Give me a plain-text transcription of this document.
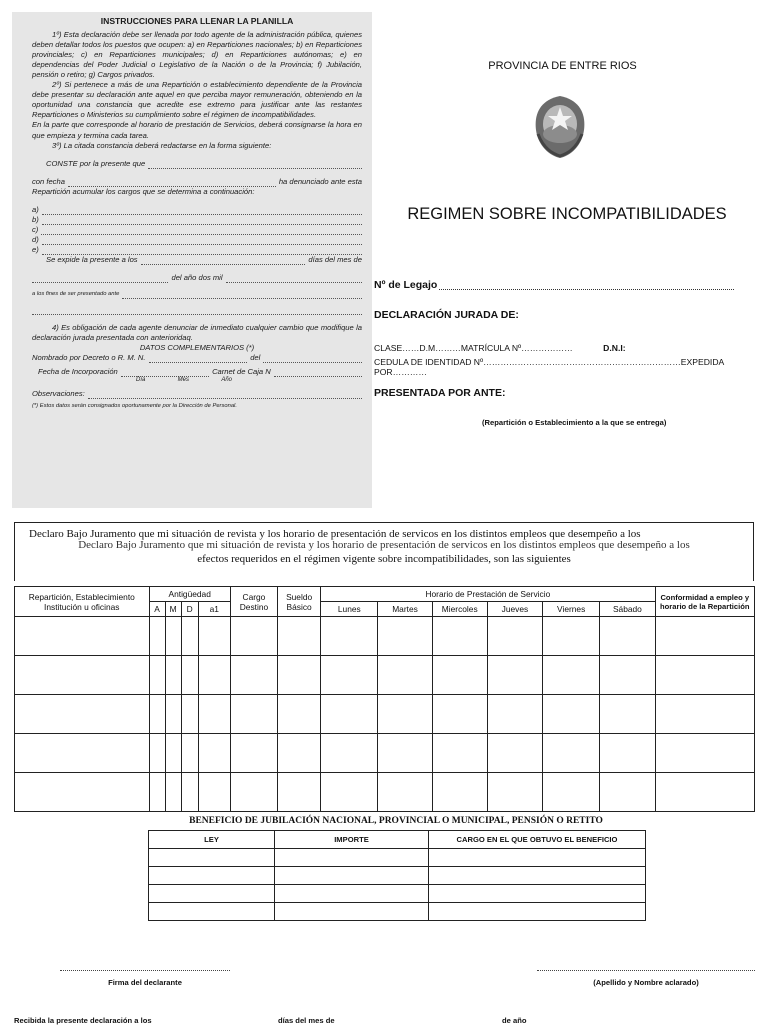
INSTRUCCIONES PARA LLENAR LA PLANILLA

1º) Esta declaración debe ser llenada por todo agente de la administración pública, quienes deben detallar todos los puestos que ocupen: a) en Reparticiones nacionales; b) en Reparticiones provinciales; c) en Reparticiones municipales; d) en Reparticiones autónomas; e) en dependencias del Poder Judicial o Legislativo de la Nación o de la Provincia; f) Jubilación, pensión o retiro; g) Cargos privados.

2º) Si pertenece a más de una Repartición o establecimiento dependiente de la Provincia debe presentar su declaración ante aquel en que perciba mayor remuneración, obteniendo en la oportunidad una constancia que acredite ese extremo para justificar ante las restantes Reparticiones o Ministerios su cumplimiento sobre el régimen de incompatibilidades.

En la parte que corresponde al horario de prestación de Servicios, deberá consignarse la hora en que empieza y termina cada tarea.

3º) La citada constancia deberá redactarse en la forma siguiente:

CONSTE por la presente que
con fecha	ha denunciado ante esta

Repartición acumular los cargos que se determina a continuación:

a)
b)
c)
d)
e)
Se expide la presente a los	días del mes de
del año dos mil
a los fines de ser presentado ante

4) Es obligación de cada agente denunciar de inmediato cualquier cambio que modifique la declaración jurada presentada con anterioridaq.

DATOS COMPLEMENTARIOS (*)

Nombrado por Decreto o R. M. N.	del
Fecha de Incorporación	Carnet de Caja N
Día	Mes	Año
Observaciones:

(*) Estos datos serán consignados oportunamente por la Dirección de Personal.

PROVINCIA DE ENTRE RIOS
REGIMEN SOBRE INCOMPATIBILIDADES
Nº de Legajo
DECLARACIÓN JURADA DE:
CLASE……D.M………MATRÍCULA Nº………………	D.N.I:
CEDULA DE IDENTIDAD Nº……………………………………………………………EXPEDIDA POR…………
PRESENTADA POR ANTE:
(Repartición o Establecimiento a la que se entrega)
Declaro Bajo Juramento que mi situación de revista y los horario de presentación de servicos en los distintos empleos que desempeño a los
Declaro Bajo Juramento que mi situación de revista y los horario de presentación de servicos en los distintos empleos que desempeño a los
efectos requeridos en el régimen vigente sobre incompatibilidades, son las siguientes
Repartición, Establecimiento Institución u oficinas	Antigüedad				Cargo Destino	Sueldo Básico	Horario de Prestación de Servicio						Conformidad a empleo y horario de la Repartición
	A	M	D	a1			Lunes	Martes	Miercoles	Jueves	Viernes	Sábado	

BENEFICIO DE JUBILACIÓN NACIONAL, PROVINCIAL O MUNICIPAL, PENSIÓN O RETITO
LEY	IMPORTE	CARGO EN EL QUE OBTUVO EL BENEFICIO

Firma del declarante	(Apellido y Nombre aclarado)
Recibida la presente declaración a los	días del mes de	de año
